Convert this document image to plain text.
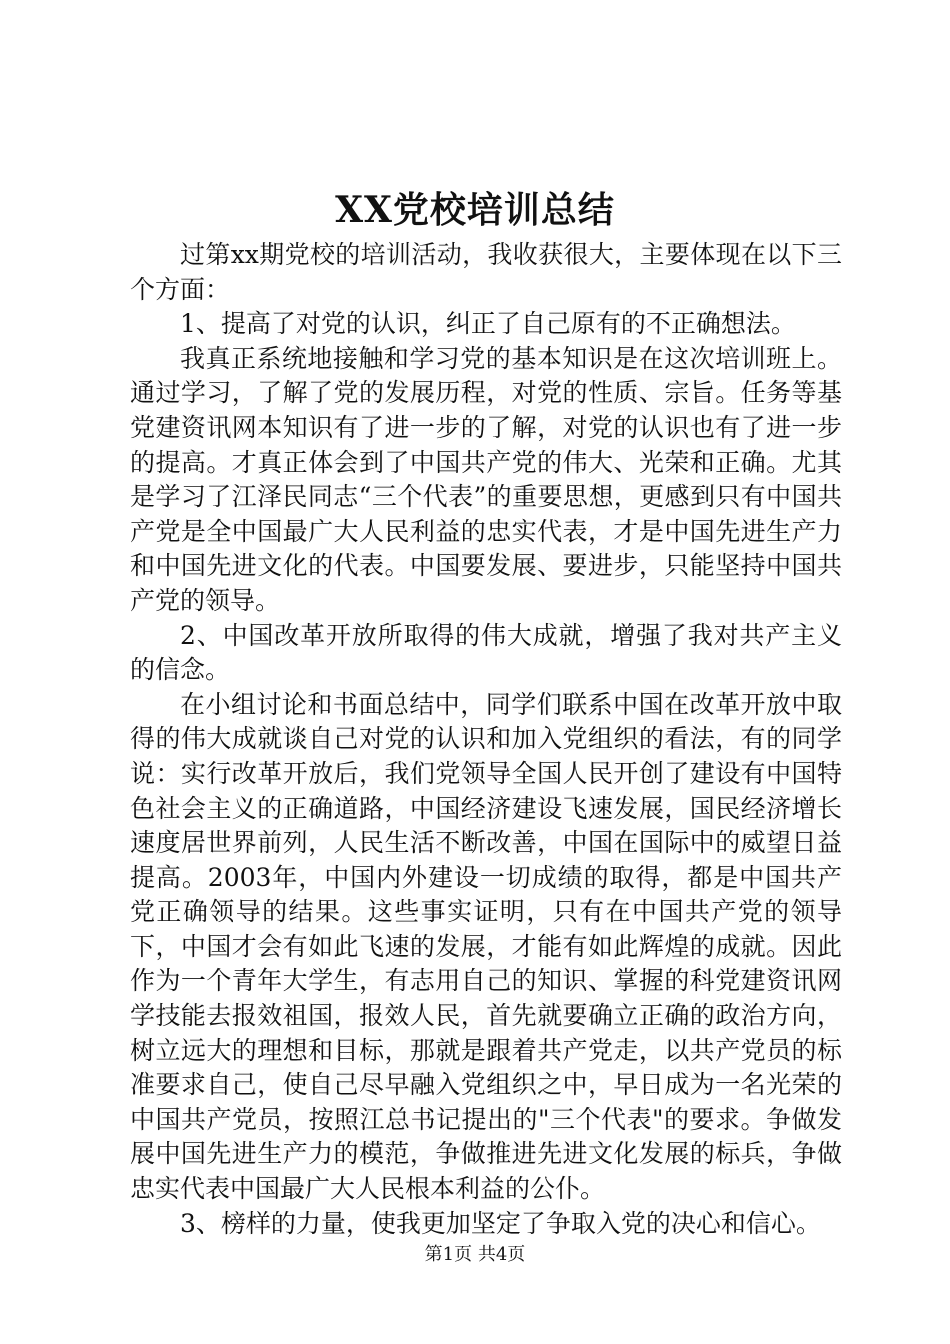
XX党校培训总结

过第xx期党校的培训活动，我收获很大，主要体现在以下三个方面：

1、提高了对党的认识，纠正了自己原有的不正确想法。

我真正系统地接触和学习党的基本知识是在这次培训班上。通过学习，了解了党的发展历程，对党的性质、宗旨。任务等基党建资讯网本知识有了进一步的了解，对党的认识也有了进一步的提高。才真正体会到了中国共产党的伟大、光荣和正确。尤其是学习了江泽民同志“三个代表”的重要思想，更感到只有中国共产党是全中国最广大人民利益的忠实代表，才是中国先进生产力和中国先进文化的代表。中国要发展、要进步，只能坚持中国共产党的领导。

2、中国改革开放所取得的伟大成就，增强了我对共产主义的信念。

在小组讨论和书面总结中，同学们联系中国在改革开放中取得的伟大成就谈自己对党的认识和加入党组织的看法，有的同学说：实行改革开放后，我们党领导全国人民开创了建设有中国特色社会主义的正确道路，中国经济建设飞速发展，国民经济增长速度居世界前列，人民生活不断改善，中国在国际中的威望日益提高。2003年，中国内外建设一切成绩的取得，都是中国共产党正确领导的结果。这些事实证明，只有在中国共产党的领导下，中国才会有如此飞速的发展，才能有如此辉煌的成就。因此作为一个青年大学生，有志用自己的知识、掌握的科党建资讯网学技能去报效祖国，报效人民，首先就要确立正确的政治方向，树立远大的理想和目标，那就是跟着共产党走，以共产党员的标准要求自己，使自己尽早融入党组织之中，早日成为一名光荣的中国共产党员，按照江总书记提出的"三个代表"的要求。争做发展中国先进生产力的模范，争做推进先进文化发展的标兵，争做忠实代表中国最广大人民根本利益的公仆。

3、榜样的力量，使我更加坚定了争取入党的决心和信心。

第1页 共4页
